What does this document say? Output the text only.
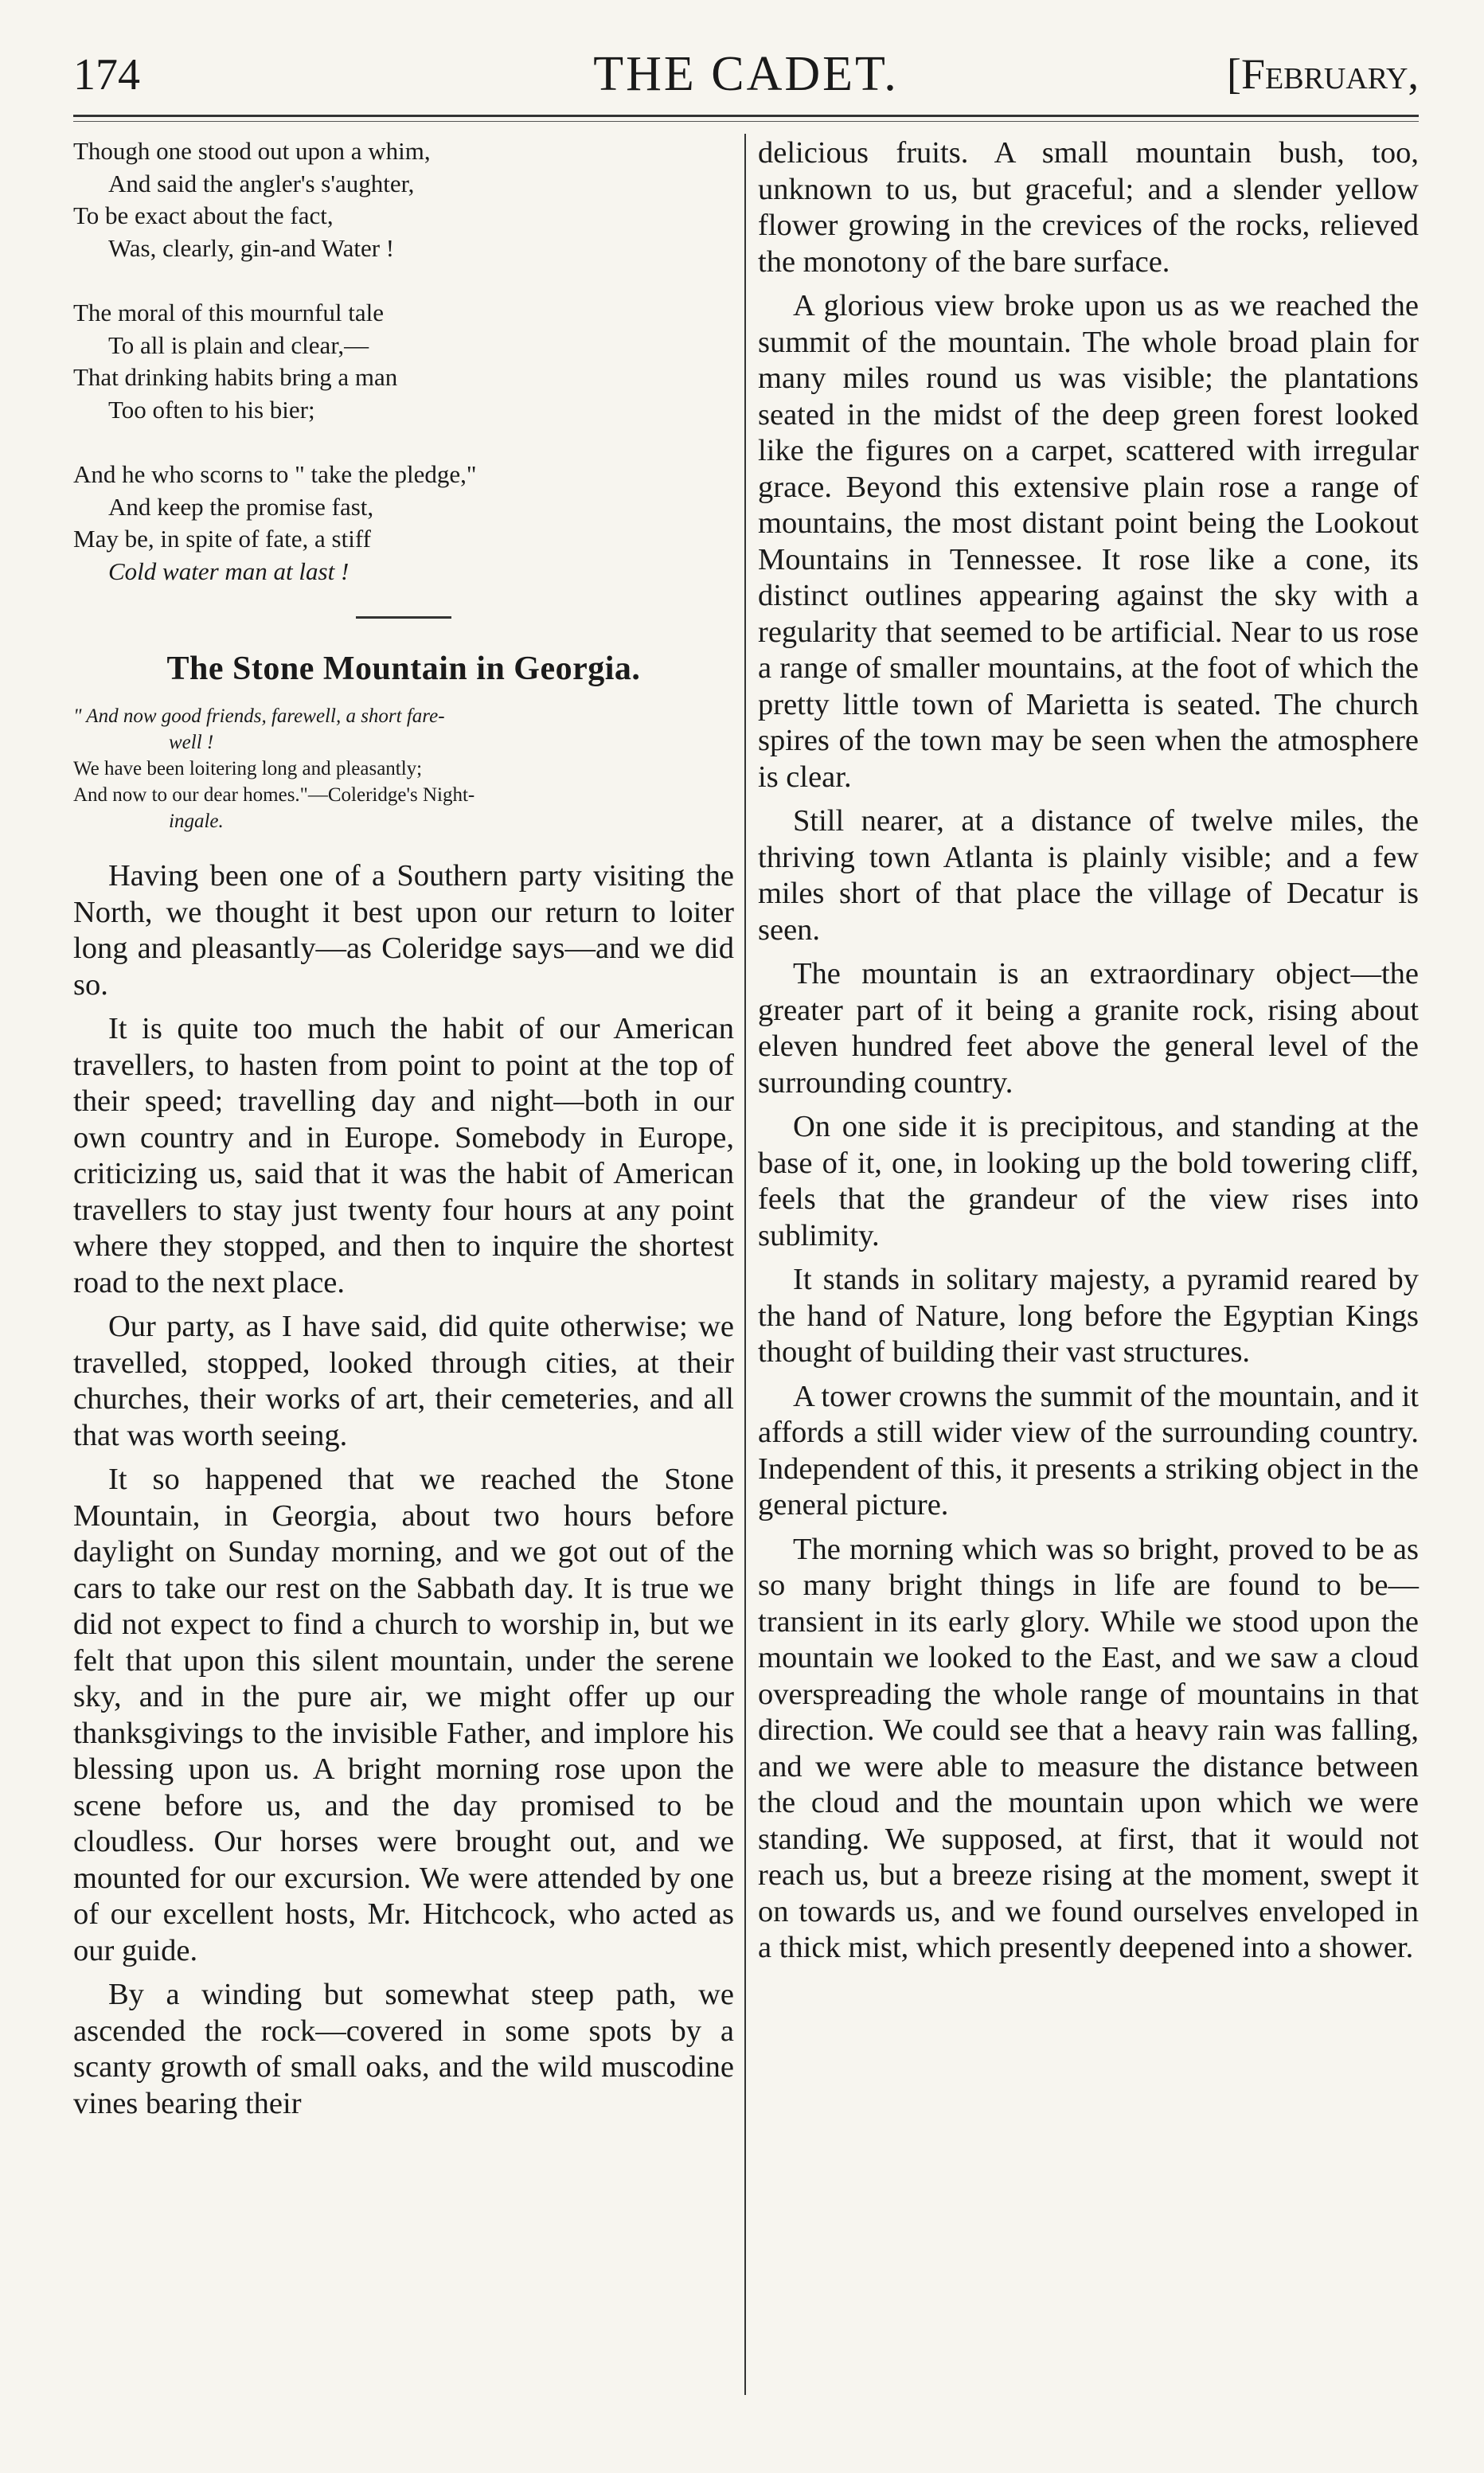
174	THE CADET.	[February,
Though one stood out upon a whim,
And said the angler's s'aughter,
To be exact about the fact,
Was, clearly, gin-and Water !
The moral of this mournful tale
To all is plain and clear,—
That drinking habits bring a man
Too often to his bier;
And he who scorns to " take the pledge,"
And keep the promise fast,
May be, in spite of fate, a stiff
Cold water man at last !
The Stone Mountain in Georgia.
" And now good friends, farewell, a short fare-
well !
We have been loitering long and pleasantly;
And now to our dear homes."—Coleridge's Night-
ingale.

Having been one of a Southern party visiting the North, we thought it best upon our return to loiter long and pleasantly—as Coleridge says—and we did so.

It is quite too much the habit of our American travellers, to hasten from point to point at the top of their speed; travelling day and night—both in our own country and in Europe. Somebody in Europe, criticizing us, said that it was the habit of American travellers to stay just twenty four hours at any point where they stopped, and then to inquire the shortest road to the next place.

Our party, as I have said, did quite otherwise; we travelled, stopped, looked through cities, at their churches, their works of art, their cemeteries, and all that was worth seeing.

It so happened that we reached the Stone Mountain, in Georgia, about two hours before daylight on Sunday morning, and we got out of the cars to take our rest on the Sabbath day. It is true we did not expect to find a church to worship in, but we felt that upon this silent mountain, under the serene sky, and in the pure air, we might offer up our thanksgivings to the invisible Father, and implore his blessing upon us. A bright morning rose upon the scene before us, and the day promised to be cloudless. Our horses were brought out, and we mounted for our excursion. We were attended by one of our excellent hosts, Mr. Hitchcock, who acted as our guide.

By a winding but somewhat steep path, we ascended the rock—covered in some spots by a scanty growth of small oaks, and the wild muscodine vines bearing their

delicious fruits. A small mountain bush, too, unknown to us, but graceful; and a slender yellow flower growing in the crevices of the rocks, relieved the monotony of the bare surface.

A glorious view broke upon us as we reached the summit of the mountain. The whole broad plain for many miles round us was visible; the plantations seated in the midst of the deep green forest looked like the figures on a carpet, scattered with irregular grace. Beyond this extensive plain rose a range of mountains, the most distant point being the Lookout Mountains in Tennessee. It rose like a cone, its distinct outlines appearing against the sky with a regularity that seemed to be artificial. Near to us rose a range of smaller mountains, at the foot of which the pretty little town of Marietta is seated. The church spires of the town may be seen when the atmosphere is clear.

Still nearer, at a distance of twelve miles, the thriving town Atlanta is plainly visible; and a few miles short of that place the village of Decatur is seen.

The mountain is an extraordinary object—the greater part of it being a granite rock, rising about eleven hundred feet above the general level of the surrounding country.

On one side it is precipitous, and standing at the base of it, one, in looking up the bold towering cliff, feels that the grandeur of the view rises into sublimity.

It stands in solitary majesty, a pyramid reared by the hand of Nature, long before the Egyptian Kings thought of building their vast structures.

A tower crowns the summit of the mountain, and it affords a still wider view of the surrounding country. Independent of this, it presents a striking object in the general picture.

The morning which was so bright, proved to be as so many bright things in life are found to be—transient in its early glory. While we stood upon the mountain we looked to the East, and we saw a cloud overspreading the whole range of mountains in that direction. We could see that a heavy rain was falling, and we were able to measure the distance between the cloud and the mountain upon which we were standing. We supposed, at first, that it would not reach us, but a breeze rising at the moment, swept it on towards us, and we found ourselves enveloped in a thick mist, which presently deepened into a shower.
